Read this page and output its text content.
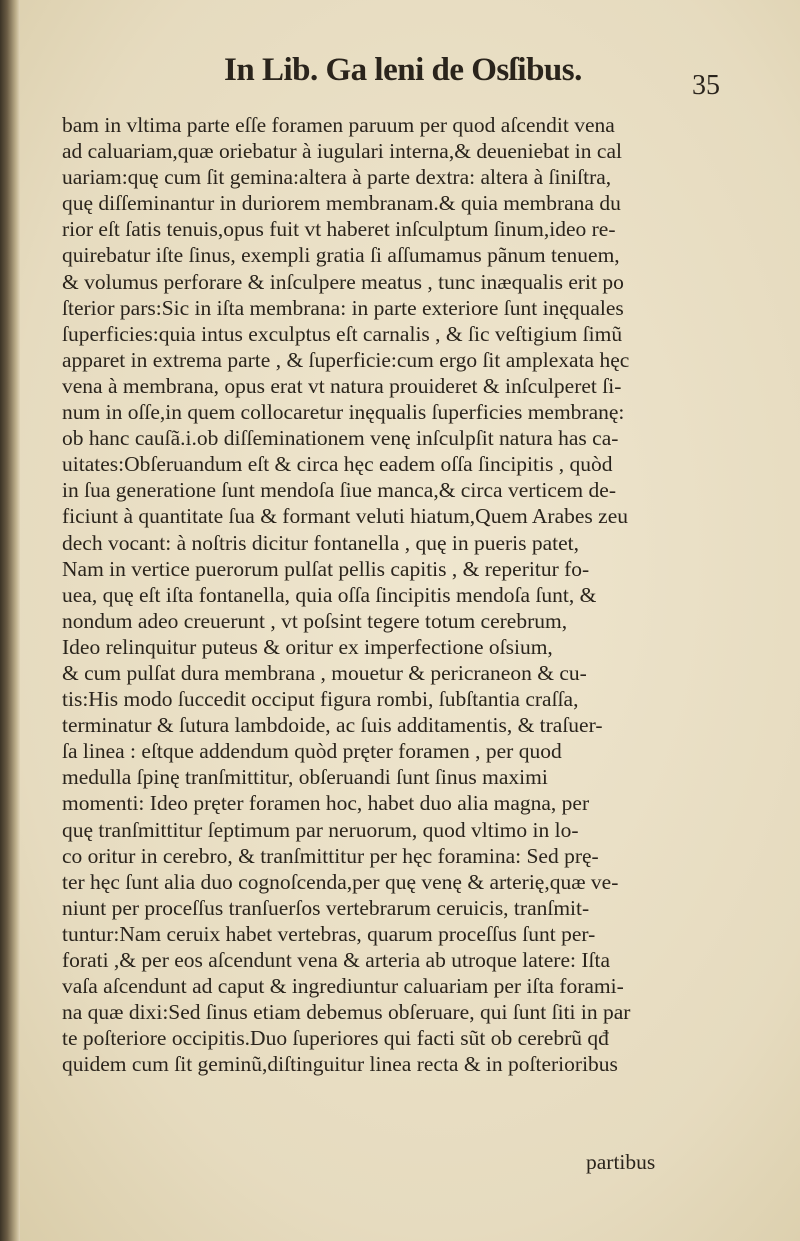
In Lib. Ga leni de Osſibus.	35
bam in vltima parte eſſe foramen paruum per quod aſcendit vena
ad caluariam,quæ oriebatur à iugulari interna,& deueniebat in cal
uariam:quę cum ſit gemina:altera à parte dextra: altera à ſiniſtra,
quę diſſeminantur in duriorem membranam.& quia membrana du
rior eſt ſatis tenuis,opus fuit vt haberet inſculptum ſinum,ideo re-
quirebatur iſte ſinus, exempli gratia ſi aſſumamus pãnum tenuem,
& volumus perforare & inſculpere meatus , tunc inæqualis erit po
ſterior pars:Sic in iſta membrana: in parte exteriore ſunt inęquales
ſuperficies:quia intus exculptus eſt carnalis , & ſic veſtigium ſimũ
apparet in extrema parte , & ſuperficie:cum ergo ſit amplexata hęc
vena à membrana, opus erat vt natura prouideret & inſculperet ſi-
num in oſſe,in quem collocaretur inęqualis ſuperficies membranę:
ob hanc cauſã.i.ob diſſeminationem venę inſculpſit natura has ca-
uitates:Obſeruandum eſt & circa hęc eadem oſſa ſincipitis , quòd
in ſua generatione ſunt mendoſa ſiue manca,& circa verticem de-
ficiunt à quantitate ſua & formant veluti hiatum,Quem Arabes zeu
dech vocant: à noſtris dicitur fontanella , quę in pueris patet,
Nam in vertice puerorum pulſat pellis capitis , & reperitur fo-
uea, quę eſt iſta fontanella, quia oſſa ſincipitis mendoſa ſunt, &
nondum adeo creuerunt , vt poſsint tegere totum cerebrum,
Ideo relinquitur puteus & oritur ex imperfectione oſsium,
& cum pulſat dura membrana , mouetur & pericraneon & cu-
tis:His modo ſuccedit occiput figura rombi, ſubſtantia craſſa,
terminatur & ſutura lambdoide, ac ſuis additamentis, & traſuer-
ſa linea : eſtque addendum quòd pręter foramen , per quod
medulla ſpinę tranſmittitur, obſeruandi ſunt ſinus maximi
momenti: Ideo pręter foramen hoc, habet duo alia magna, per
quę tranſmittitur ſeptimum par neruorum, quod vltimo in lo-
co oritur in cerebro, & tranſmittitur per hęc foramina: Sed prę-
ter hęc ſunt alia duo cognoſcenda,per quę venę & arterię,quæ ve-
niunt per proceſſus tranſuerſos vertebrarum ceruicis, tranſmit-
tuntur:Nam ceruix habet vertebras, quarum proceſſus ſunt per-
forati ,& per eos aſcendunt vena & arteria ab utroque latere: Iſta
vaſa aſcendunt ad caput & ingrediuntur caluariam per iſta forami-
na quæ dixi:Sed ſinus etiam debemus obſeruare, qui ſunt ſiti in par
te poſteriore occipitis.Duo ſuperiores qui facti sũt ob cerebrũ qđ
quidem cum ſit geminũ,diſtinguitur linea recta & in poſterioribus
partibus
